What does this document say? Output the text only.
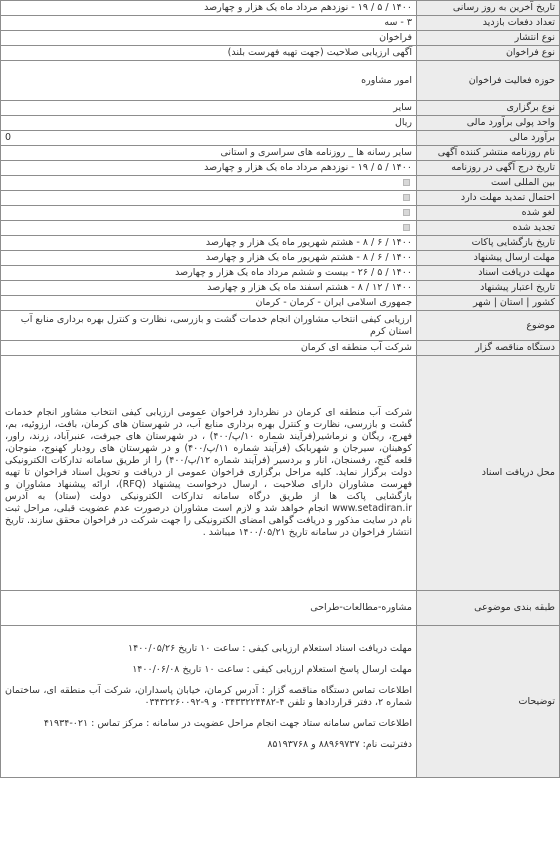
تاریخ آخرین به روز رسانی	۱۴۰۰ / ۵ / ۱۹ - نوزدهم مرداد ماه یک هزار و چهارصد
تعداد دفعات بازدید	۳ - سه
نوع انتشار	فراخوان
نوع فراخوان	آگهی ارزیابی صلاحیت (جهت تهیه فهرست بلند)
حوزه فعالیت فراخوان	امور مشاوره
نوع برگزاری	سایر
واحد پولی برآورد مالی	ریال
برآورد مالی	0
نام روزنامه منتشر کننده آگهی	سایر رسانه ها _ روزنامه های سراسری و استانی
تاریخ درج آگهی در روزنامه	۱۴۰۰ / ۵ / ۱۹ - نوزدهم مرداد ماه یک هزار و چهارصد
بین المللی است	
احتمال تمدید مهلت دارد	
لغو شده	
تجدید شده	
تاریخ بازگشایی پاکات	۱۴۰۰ / ۶ / ۸ - هشتم شهریور ماه یک هزار و چهارصد
مهلت ارسال پیشنهاد	۱۴۰۰ / ۶ / ۸ - هشتم شهریور ماه یک هزار و چهارصد
مهلت دریافت اسناد	۱۴۰۰ / ۵ / ۲۶ - بیست و ششم مرداد ماه یک هزار و چهارصد
تاریخ اعتبار پیشنهاد	۱۴۰۰ / ۱۲ / ۸ - هشتم اسفند ماه یک هزار و چهارصد
کشور | استان | شهر	جمهوری اسلامی ایران - کرمان - کرمان
موضوع	ارزیابی کیفی انتخاب مشاوران انجام خدمات گشت و بازرسی، نظارت و کنترل بهره برداری منابع آب استان کرم
دستگاه مناقصه گزار	شرکت آب منطقه ای کرمان
محل دریافت اسناد	شرکت آب منطقه ای کرمان در نظردارد فراخوان عمومی ارزیابی کیفی انتخاب مشاور انجام خدمات گشت و بازرسی، نظارت و کنترل بهره برداری منابع آب، در شهرستان های کرمان، بافت، ارزوئیه، بم، فهرج، ریگان و نرماشیر(فرآیند شماره ۱۰/پ/۴۰۰) ، در شهرستان های جیرفت، عنبرآباد، زرند، راور، کوهبنان، سیرجان و شهربابک (فرآیند شماره ۱۱/پ/۴۰۰) و در شهرستان های رودبار کهنوج، منوجان، قلعه گنج، رفسنجان، انار و بردسیر (فرآیند شماره ۱۲/پ/۴۰۰) را از طریق سامانه تدارکات الکترونیکی دولت برگزار نماید. کلیه مراحل برگزاری فراخوان عمومی از دریافت و تحویل اسناد فراخوان تا تهیه فهرست مشاوران دارای صلاحیت ، ارسال درخواست پیشنهاد (RFQ)، ارائه پیشنهاد مشاوران و بازگشایی پاکت ها از طریق درگاه سامانه تدارکات الکترونیکی دولت (ستاد) به آدرس www.setadiran.ir انجام خواهد شد و لازم است مشاوران درصورت عدم عضویت قبلی، مراحل ثبت نام در سایت مذکور و دریافت گواهی امضای الکترونیکی را جهت شرکت در فراخوان محقق سازند. تاریخ انتشار فراخوان در سامانه تاریخ ۱۴۰۰/۰۵/۲۱ میباشد .
طبقه بندی موضوعی	مشاوره-مطالعات-طراحی
توضیحات	مهلت دریافت اسناد استعلام ارزیابی کیفی : ساعت ۱۰ تاریخ ۱۴۰۰/۰۵/۲۶
مهلت ارسال پاسخ استعلام ارزیابی کیفی : ساعت ۱۰ تاریخ ۱۴۰۰/۰۶/۰۸
اطلاعات تماس دستگاه مناقصه گزار : آدرس کرمان، خیابان پاسداران، شرکت آب منطقه ای، ساختمان شماره ۲، دفتر قراردادها و تلفن ۴-۰۳۴۳۳۲۲۴۴۸۲ و ۹-۰۳۴۳۲۲۶۰۰۹۲
اطلاعات تماس سامانه ستاد جهت انجام مراحل عضویت در سامانه : مرکز تماس : ۰۲۱-۴۱۹۳۴
دفترثبت نام: ۸۸۹۶۹۷۳۷ و ۸۵۱۹۳۷۶۸
